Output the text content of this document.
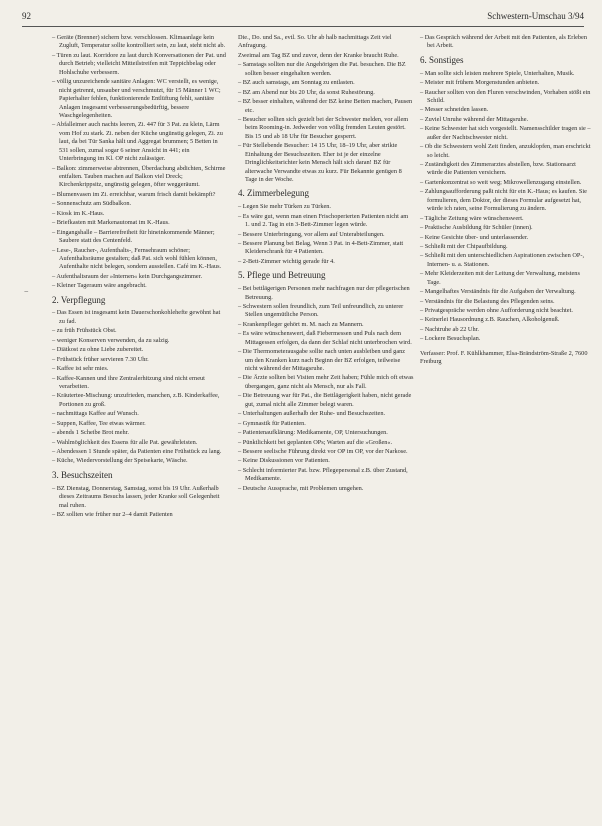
92	Schwestern-Umschau 3/94
−
– Geräte (Brenner) sichern bzw. verschlossen. Klimaanlage kein Zugluft, Temperatur sollte kontrolliert sein, zu laut, steht nicht ab.
– Türen zu laut. Korridore zu laut durch Konversationen der Pat. und durch Betrieb; vielleicht Mitteilstreifen mit Teppichbelag oder Hohlschuhe verbessern.
– völlig unzureichende sanitäre Anlagen: WC verstellt, es wenige, nicht getrennt, unsauber und verschmutzt, für 15 Männer 1 WC; Papierhalter fehlen, funktionierende Entlüftung fehlt, sanitäre Anlagen insgesamt verbesserungsbedürftig, bessere Waschgelegenheiten.
– Abfalleimer auch nachts leeren, Zi. 447 für 3 Pat. zu klein, Lärm vom Hof zu stark. Zi. neben der Küche ungünstig gelegen, Zi. zu laut, da bei Tür Sanka hält und Aggregat brummen; 5 Betten in 531 sollen, zumal sogar 6 seiner Ansicht in 441; ein Unterbringung im Kl. OP nicht zulässiger.
– Balkon: zimmerweise abtrennen, Überdachung abdichten, Schirme entfalten. Tauben machen auf Balkon viel Dreck; Kirchenkrippsitz, ungünstig gelegen, öfter weggeräumt.
– Blumenvasen im Zi. erreichbar, warum frisch damit bekämpft?
– Sonnenschutz am Südbalkon.
– Kiosk im K.-Haus.
– Briefkasten mit Markenautomat im K.-Haus.
– Eingangshalle – Barrierefreiheit für hineinkommende Männer; Saubere statt des Centenfeld.
– Lese-, Raucher-, Aufenthalts-, Fernsehraum schöner; Aufenthaltsräume gestalten; daß Pat. sich wohl fühlen können, Aufenthalte nicht belegen, sondern ausstellen. Café im K.-Haus.
– Aufenthaltsraum der »Internen« kein Durchgangszimmer.
– Kleiner Tageraum wäre angebracht.
2. Verpflegung
– Das Essen ist insgesamt kein Dauerschonkohlehefte gewöhnt hat zu fad.
– zu früh Frühstück Obst.
– weniger Konserven verwenden, da zu salzig.
– Diätkost zu ohne Liebe zubereitet.
– Frühstück früher servieren 7.30 Uhr.
– Kaffee ist sehr mies.
– Kaffee-Kannen und ihre Zentralerhitzung sind nicht erneut verarbeiten.
– Kräutertee-Mischung: unzufrieden, manchen, z.B. Kinderkaffee, Portionen zu groß.
– nachmittags Kaffee auf Wunsch.
– Suppen, Kaffee, Tee etwas wärmer.
– abends 1 Scheibe Brot mehr.
– Wahlmöglichkeit des Essens für alle Pat. gewährleisten.
– Abendessen 1 Stunde später, da Patienten eine Frühstück zu lang.
– Küche, Wiedervorstellung der Speisekarte, Wäsche.
3. Besuchszeiten
– BZ Dienstag, Donnerstag, Samstag, sonst bis 19 Uhr. Außerhalb dieses Zeitraums Besuchs lassen, jeder Kranke soll Gelegenheit mal ruhen.
– BZ sollten wie früher nur 2–4 damit Patienten
Die., Do. und Sa., evtl. So. Uhr ab halb nachmittags Zeit viel Anfragung.
Zweimal am Tag BZ und zuvor, denn der Kranke braucht Ruhe.
– Samstags sollten nur die Angehörigen die Pat. besuchen. Die BZ sollten besser eingehalten werden.
– BZ auch samstags, am Sonntag zu entlasten.
– BZ am Abend nur bis 20 Uhr, da sonst Ruhestörung.
– BZ besser einhalten, während der BZ keine Betten machen, Pausen etc.
– Besucher sollten sich gezielt bei der Schwester melden, vor allem beim Rooming-in. Jedweder von völlig fremden Leuten gestört. Bis 15 und ab 18 Uhr für Besucher gesperrt.
– Für Stellebende Besucher: 14 15 Uhr, 18–19 Uhr, aber strikte Einhaltung der Besuchszeiten. Eher ist je der einzelne Dringlichkeitsrichter kein Mensch hält sich daran! BZ für alterwache Verwandte etwas zu kurz. Für Bekannte genügen 8 Tage in der Woche.
4. Zimmerbelegung
– Legen Sie mehr Türken zu Türken.
– Es wäre gut, wenn man einen Frischoperierten Patienten nicht am 1. und 2. Tag in ein 3-Bett-Zimmer legen würde.
– Bessere Unterbringung, vor allem auf Unterabteilungen.
– Bessere Planung bei Belag, Wenn 3 Pat. in 4-Bett-Zimmer, statt Kleiderschrank für 4 Patienten.
– 2-Bett-Zimmer wichtig gerade für 4.
5. Pflege und Betreuung
– Bei bettlägerigen Personen mehr nachfragen nur der pflegerischen Betreuung.
– Schwestern sollen freundlich, zum Teil unfreundlich, zu unterer Stellen ungemütliche Person.
– Krankenpfleger gehört m. M. nach zu Mannern.
– Es wäre wünschenswert, daß Fiebermessen und Puls nach dem Mittagessen erfolgen, da dann der Schlaf nicht unterbrochen wird.
– Die Thermometerausgabe sollte nach unten ausbleiben und ganz um den Kranken kurz nach Beginn der BZ erfolgen, teilweise nicht während der Mittagsruhe.
– Die Ärzte sollten bei Visiten mehr Zeit haben; Fühle mich oft etwas übergangen, ganz nicht als Mensch, nur als Fall.
– Die Betreuung war für Pat., die Bettlägerigkeit haben, nicht gerade gut, zumal nicht alle Zimmer belegt waren.
– Unterhaltungen außerhalb der Ruhe- und Besuchszeiten.
– Gymnastik für Patienten.
– Patientenaufklärung: Medikamente, OP, Untersuchungen.
– Pünktlichkeit bei geplanten OPs; Warten auf die »Großen«.
– Bessere seelische Führung direkt vor OP im OP, vor der Narkose.
– Keine Diskussionen vor Patienten.
– Schlecht informierter Pat. bzw. Pflegepersonal z.B. über Zustand, Medikamente.
– Deutsche Aussprache, mit Problemen umgehen.
– Das Gespräch während der Arbeit mit den Patienten, als Erleben bei Arbeit.
6. Sonstiges
– Man sollte sich leisten mehrere Spiele, Unterhalten, Musik.
– Meister mit frühem Morgenstunden anbieten.
– Raucher sollten von den Fluren verschwinden, Vorhaben stößt ein Schild.
– Messer schneiden lassen.
– Zuviel Unruhe während der Mittagsruhe.
– Keine Schwester hat sich vorgestellt. Namensschilder tragen sie – außer der Nachtschwester nicht.
– Ob die Schwestern wohl Zeit finden, anzuklopfen, man erschrickt so leicht.
– Zuständigkeit des Zimmerarztes abstellen, bzw. Stationsarzt würde die Patienten versichern.
– Gartenkonzentrat so weit weg; Mikrowellenzugang einstellen.
– Zahlungsaufforderung paßt nicht für ein K.-Haus; es kaufen. Sie formulieren, dem Doktor, der dieses Formular aufgesetzt hat, würde ich raten, seine Formulierung zu ändern.
– Tägliche Zeitung wäre wünschenswert.
– Praktische Ausbildung für Schüler (innen).
– Keine Gesichte über- und unterlassender.
– Schließt mit der Chipaufbildung.
– Schließt mit den unterschiedlichen Aspirationen zwischen OP-, Internen- u. a. Stationen.
– Mehr Kleiderzeiten mit der Leitung der Verwaltung, meistens Tage.
– Mangelhaftes Verständnis für die Aufgaben der Verwaltung.
– Verständnis für die Belastung des Pflegenden seins.
– Privatgespräche werden ohne Aufforderung nicht beachtet.
– Keinerlei Hausordnung z.B. Rauchen, Alkoholgenuß.
– Nachtruhe ab 22 Uhr.
– Lockere Besuchsplan.
Verfasser: Prof. F. Kühlkhammer, Elsa-Brändström-Straße 2, 7600 Freiburg
